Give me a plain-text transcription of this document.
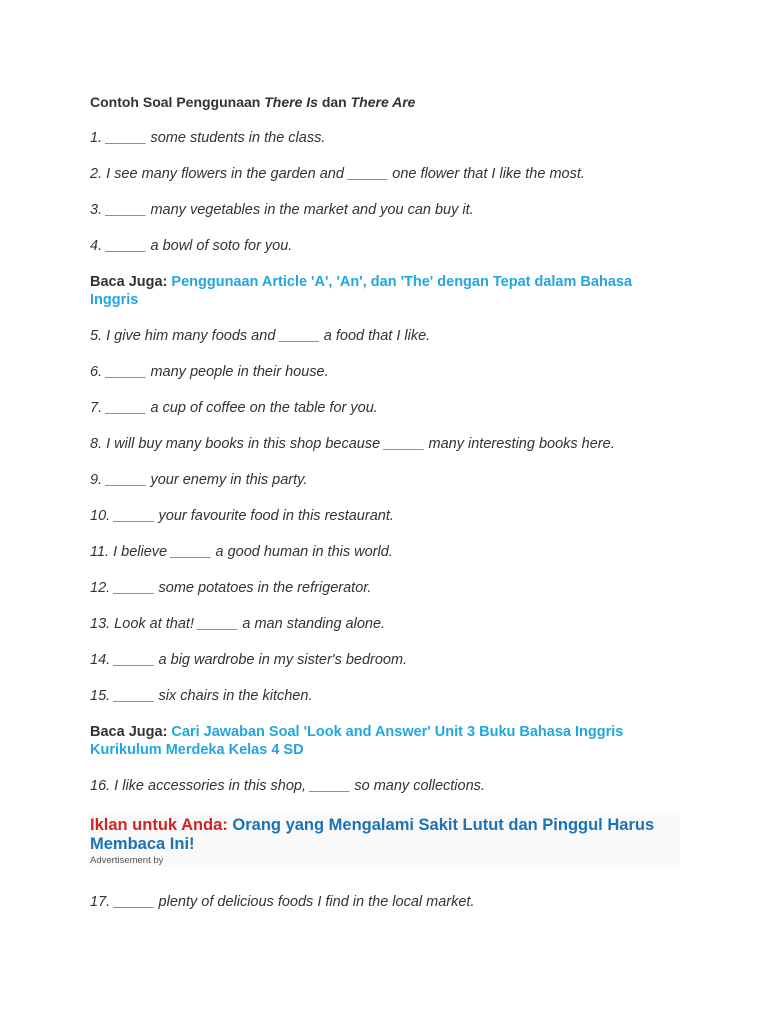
Contoh Soal Penggunaan There Is dan There Are
1. _____ some students in the class.
2. I see many flowers in the garden and _____ one flower that I like the most.
3. _____ many vegetables in the market and you can buy it.
4. _____ a bowl of soto for you.
Baca Juga: Penggunaan Article 'A', 'An', dan 'The' dengan Tepat dalam Bahasa Inggris
5. I give him many foods and _____ a food that I like.
6. _____ many people in their house.
7. _____ a cup of coffee on the table for you.
8. I will buy many books in this shop because _____ many interesting books here.
9. _____ your enemy in this party.
10. _____ your favourite food in this restaurant.
11. I believe _____ a good human in this world.
12. _____ some potatoes in the refrigerator.
13. Look at that! _____ a man standing alone.
14. _____ a big wardrobe in my sister's bedroom.
15. _____ six chairs in the kitchen.
Baca Juga: Cari Jawaban Soal 'Look and Answer' Unit 3 Buku Bahasa Inggris Kurikulum Merdeka Kelas 4 SD
16. I like accessories in this shop, _____ so many collections.
Iklan untuk Anda: Orang yang Mengalami Sakit Lutut dan Pinggul Harus Membaca Ini!
Advertisement by
17. _____ plenty of delicious foods I find in the local market.
